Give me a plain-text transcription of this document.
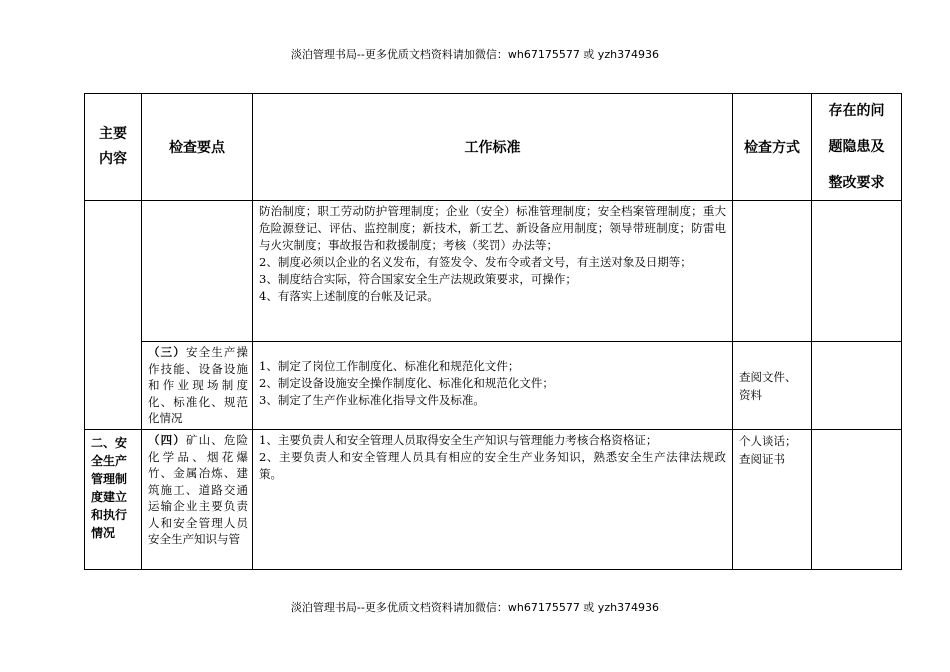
淡泊管理书局--更多优质文档资料请加微信：wh67175577 或 yzh374936
淡泊管理书局--更多优质文档资料请加微信：wh67175577 或 yzh374936
主要
内容
检查要点	工作标准	检查方式
存在的问
题隐患及
整改要求
防治制度；职工劳动防护管理制度；企业（安全）标准管理制度；安全档案管理制度；重大危险源登记、评估、监控制度；新技术，新工艺、新设备应用制度；领导带班制度；防雷电与火灾制度；事故报告和救援制度；考核（奖罚）办法等；
2、制度必须以企业的名义发布，有签发令、发布令或者文号，有主送对象及日期等；
3、制度结合实际，符合国家安全生产法规政策要求，可操作；
4、有落实上述制度的台帐及记录。
（三）安全生产操作技能、设备设施和作业现场制度化、标准化、规范化情况
1、制定了岗位工作制度化、标准化和规范化文件；
2、制定设备设施安全操作制度化、标准化和规范化文件；
3、制定了生产作业标准化指导文件及标准。
查阅文件、资料
二、安全生产管理制度建立和执行情况
（四）矿山、危险化学品、烟花爆竹、金属冶炼、建筑施工、道路交通运输企业主要负责人和安全管理人员安全生产知识与管
1、主要负责人和安全管理人员取得安全生产知识与管理能力考核合格资格证；
2、主要负责人和安全管理人员具有相应的安全生产业务知识，熟悉安全生产法律法规政策。
个人谈话；查阅证书
